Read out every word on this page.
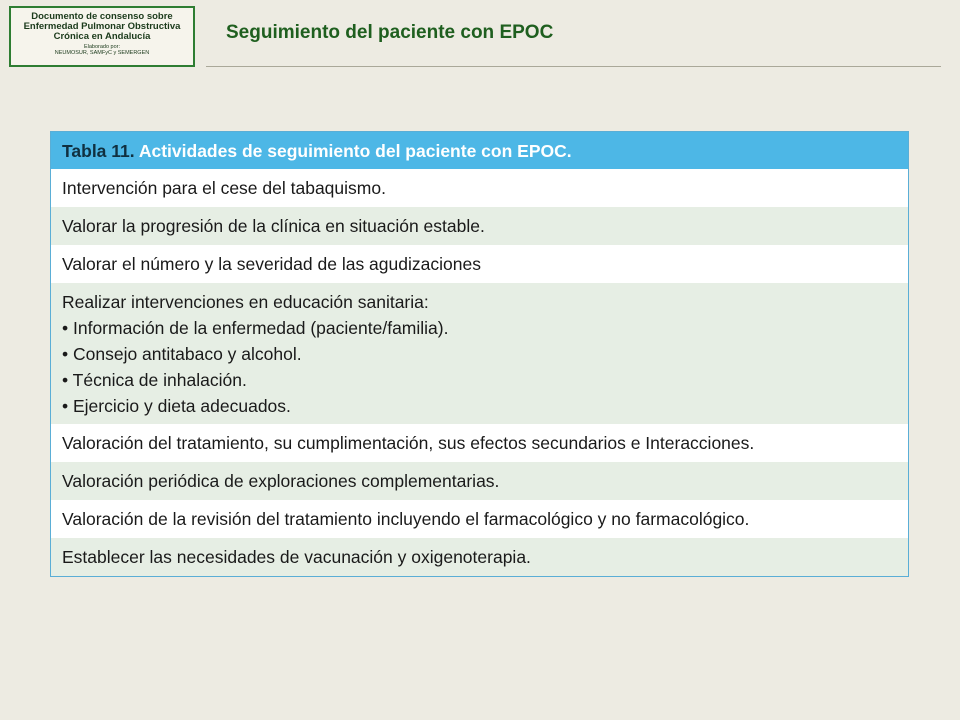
Documento de consenso sobre
Enfermedad Pulmonar Obstructiva
Crónica en Andalucía
Elaborado por:
NEUMOSUR, SAMFyC y SEMERGEN
Seguimiento del paciente con EPOC
Tabla 11. Actividades de seguimiento del paciente con EPOC.
Intervención para el cese del tabaquismo.
Valorar la progresión de la clínica en situación estable.
Valorar el número y la severidad de las agudizaciones
Realizar intervenciones en educación sanitaria:
• Información de la enfermedad (paciente/familia).
• Consejo antitabaco y alcohol.
• Técnica de inhalación.
• Ejercicio y dieta adecuados.
Valoración del tratamiento, su cumplimentación, sus efectos secundarios e Interacciones.
Valoración periódica de exploraciones complementarias.
Valoración de la revisión del tratamiento incluyendo el farmacológico y no farmacológico.
Establecer las necesidades de vacunación y oxigenoterapia.
